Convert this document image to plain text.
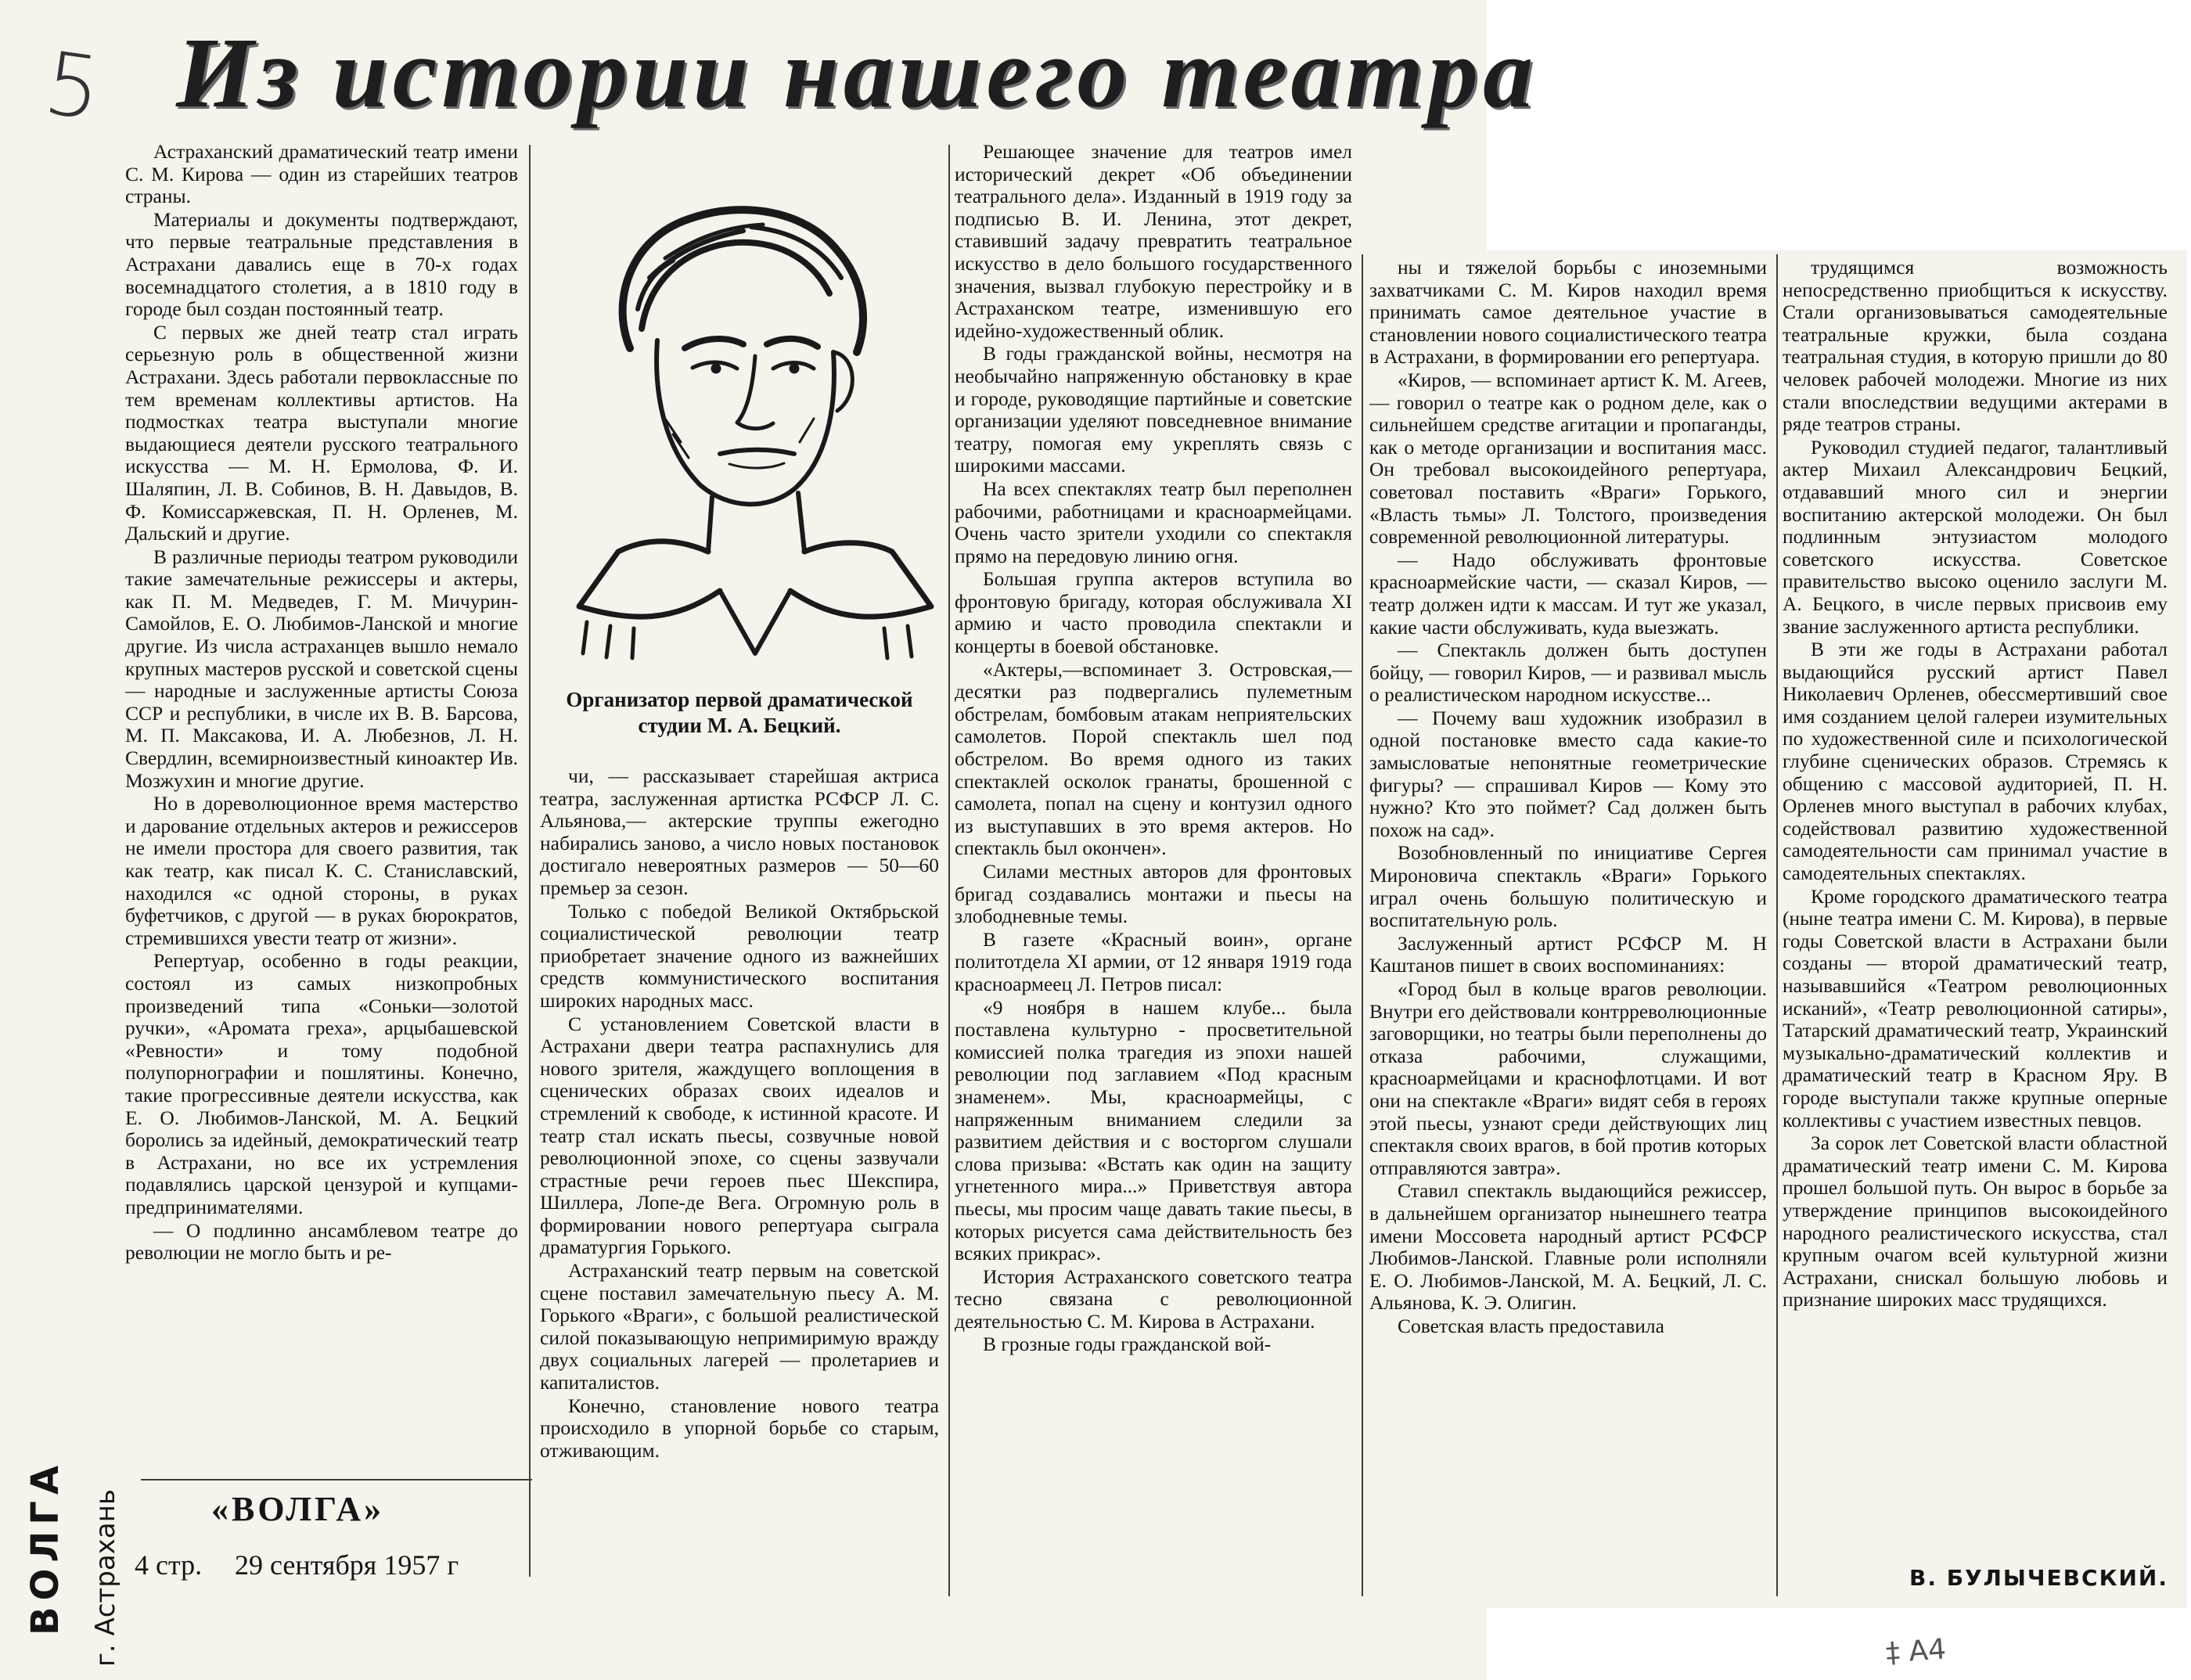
5 Из истории нашего театра

Астраханский драматический театр имени С. М. Кирова — один из старейших театров страны.

Материалы и документы подтверждают, что первые театральные представления в Астрахани давались еще в 70-х годах восемнадцатого столетия, а в 1810 году в городе был создан постоянный театр.

С первых же дней театр стал играть серьезную роль в общественной жизни Астрахани. Здесь работали первоклассные по тем временам коллективы артистов. На подмостках театра выступали многие выдающиеся деятели русского театрального искусства — М. Н. Ермолова, Ф. И. Шаляпин, Л. В. Собинов, В. Н. Давыдов, В. Ф. Комиссаржевская, П. Н. Орленев, М. Дальский и другие.

В различные периоды театром руководили такие замечательные режиссеры и актеры, как П. М. Медведев, Г. М. Мичурин-Самойлов, Е. О. Любимов-Ланской и многие другие. Из числа астраханцев вышло немало крупных мастеров русской и советской сцены — народные и заслуженные артисты Союза ССР и республики, в числе их В. В. Барсова, М. П. Максакова, И. А. Любезнов, Л. Н. Свердлин, всемирноизвестный киноактер Ив. Мозжухин и многие другие.

Но в дореволюционное время мастерство и дарование отдельных актеров и режиссеров не имели простора для своего развития, так как театр, как писал К. С. Станиславский, находился «с одной стороны, в руках буфетчиков, с другой — в руках бюрократов, стремившихся увести театр от жизни».

Репертуар, особенно в годы реакции, состоял из самых низкопробных произведений типа «Соньки—золотой ручки», «Аромата греха», арцыбашевской «Ревности» и тому подобной полупорнографии и пошлятины. Конечно, такие прогрессивные деятели искусства, как Е. О. Любимов-Ланской, М. А. Бецкий боролись за идейный, демократический театр в Астрахани, но все их устремления подавлялись царской цензурой и купцами-предпринимателями.

— О подлинно ансамблевом театре до революции не могло быть и ре-

Организатор первой драматической студии М. А. Бецкий.

чи, — рассказывает старейшая актриса театра, заслуженная артистка РСФСР Л. С. Альянова,— актерские труппы ежегодно набирались заново, а число новых постановок достигало невероятных размеров — 50—60 премьер за сезон.

Только с победой Великой Октябрьской социалистической революции театр приобретает значение одного из важнейших средств коммунистического воспитания широких народных масс.

С установлением Советской власти в Астрахани двери театра распахнулись для нового зрителя, жаждущего воплощения в сценических образах своих идеалов и стремлений к свободе, к истинной красоте. И театр стал искать пьесы, созвучные новой революционной эпохе, со сцены зазвучали страстные речи героев пьес Шекспира, Шиллера, Лопе-де Вега. Огромную роль в формировании нового репертуара сыграла драматургия Горького.

Астраханский театр первым на советской сцене поставил замечательную пьесу А. М. Горького «Враги», с большой реалистической силой показывающую непримиримую вражду двух социальных лагерей — пролетариев и капиталистов.

Конечно, становление нового театра происходило в упорной борьбе со старым, отживающим.

Решающее значение для театров имел исторический декрет «Об объединении театрального дела». Изданный в 1919 году за подписью В. И. Ленина, этот декрет, ставивший задачу превратить театральное искусство в дело большого государственного значения, вызвал глубокую перестройку и в Астраханском театре, изменившую его идейно-художественный облик.

В годы гражданской войны, несмотря на необычайно напряженную обстановку в крае и городе, руководящие партийные и советские организации уделяют повседневное внимание театру, помогая ему укреплять связь с широкими массами.

На всех спектаклях театр был переполнен рабочими, работницами и красноармейцами. Очень часто зрители уходили со спектакля прямо на передовую линию огня.

Большая группа актеров вступила во фронтовую бригаду, которая обслуживала XI армию и часто проводила спектакли и концерты в боевой обстановке.

«Актеры,—вспоминает З. Островская,— десятки раз подвергались пулеметным обстрелам, бомбовым атакам неприятельских самолетов. Порой спектакль шел под обстрелом. Во время одного из таких спектаклей осколок гранаты, брошенной с самолета, попал на сцену и контузил одного из выступавших в это время актеров. Но спектакль был окончен».

Силами местных авторов для фронтовых бригад создавались монтажи и пьесы на злободневные темы.

В газете «Красный воин», органе политотдела XI армии, от 12 января 1919 года красноармеец Л. Петров писал:

«9 ноября в нашем клубе... была поставлена культурно - просветительной комиссией полка трагедия из эпохи нашей революции под заглавием «Под красным знаменем». Мы, красноармейцы, с напряженным вниманием следили за развитием действия и с восторгом слушали слова призыва: «Встать как один на защиту угнетенного мира...» Приветствуя автора пьесы, мы просим чаще давать такие пьесы, в которых рисуется сама действительность без всяких прикрас».

История Астраханского советского театра тесно связана с революционной деятельностью С. М. Кирова в Астрахани.

В грозные годы гражданской вой-

ны и тяжелой борьбы с иноземными захватчиками С. М. Киров находил время принимать самое деятельное участие в становлении нового социалистического театра в Астрахани, в формировании его репертуара.

«Киров, — вспоминает артист К. М. Агеев, — говорил о театре как о родном деле, как о сильнейшем средстве агитации и пропаганды, как о методе организации и воспитания масс. Он требовал высокоидейного репертуара, советовал поставить «Враги» Горького, «Власть тьмы» Л. Толстого, произведения современной революционной литературы.

— Надо обслуживать фронтовые красноармейские части, — сказал Киров, — театр должен идти к массам. И тут же указал, какие части обслуживать, куда выезжать.

— Спектакль должен быть доступен бойцу, — говорил Киров, — и развивал мысль о реалистическом народном искусстве...

— Почему ваш художник изобразил в одной постановке вместо сада какие-то замысловатые непонятные геометрические фигуры? — спрашивал Киров — Кому это нужно? Кто это поймет? Сад должен быть похож на сад».

Возобновленный по инициативе Сергея Мироновича спектакль «Враги» Горького играл очень большую политическую и воспитательную роль.

Заслуженный артист РСФСР М. Н Каштанов пишет в своих воспоминаниях:

«Город был в кольце врагов революции. Внутри его действовали контрреволюционные заговорщики, но театры были переполнены до отказа рабочими, служащими, красноармейцами и краснофлотцами. И вот они на спектакле «Враги» видят себя в героях этой пьесы, узнают среди действующих лиц спектакля своих врагов, в бой против которых отправляются завтра».

Ставил спектакль выдающийся режиссер, в дальнейшем организатор нынешнего театра имени Моссовета народный артист РСФСР Любимов-Ланской. Главные роли исполняли Е. О. Любимов-Ланской, М. А. Бецкий, Л. С. Альянова, К. Э. Олигин.

Советская власть предоставила

трудящимся возможность непосредственно приобщиться к искусству. Стали организовываться самодеятельные театральные кружки, была создана театральная студия, в которую пришли до 80 человек рабочей молодежи. Многие из них стали впоследствии ведущими актерами в ряде театров страны.

Руководил студией педагог, талантливый актер Михаил Александрович Бецкий, отдававший много сил и энергии воспитанию актерской молодежи. Он был подлинным энтузиастом молодого советского искусства. Советское правительство высоко оценило заслуги М. А. Бецкого, в числе первых присвоив ему звание заслуженного артиста республики.

В эти же годы в Астрахани работал выдающийся русский артист Павел Николаевич Орленев, обессмертивший свое имя созданием целой галереи изумительных по художественной силе и психологической глубине сценических образов. Стремясь к общению с массовой аудиторией, П. Н. Орленев много выступал в рабочих клубах, содействовал развитию художественной самодеятельности сам принимал участие в самодеятельных спектаклях.

Кроме городского драматического театра (ныне театра имени С. М. Кирова), в первые годы Советской власти в Астрахани были созданы — второй драматический театр, называвшийся «Театром революционных исканий», «Театр революционной сатиры», Татарский драматический театр, Украинский музыкально-драматический коллектив и драматический театр в Красном Яру. В городе выступали также крупные оперные коллективы с участием известных певцов.

За сорок лет Советской власти областной драматический театр имени С. М. Кирова прошел большой путь. Он вырос в борьбе за утверждение принципов высокоидейного народного реалистического искусства, стал крупным очагом всей культурной жизни Астрахани, снискал большую любовь и признание широких масс трудящихся.

«ВОЛГА»
4 стр. 29 сентября 1957 г
ВОЛГА г. Астрахань	В. БУЛЫЧЕВСКИЙ.
‡ А4
